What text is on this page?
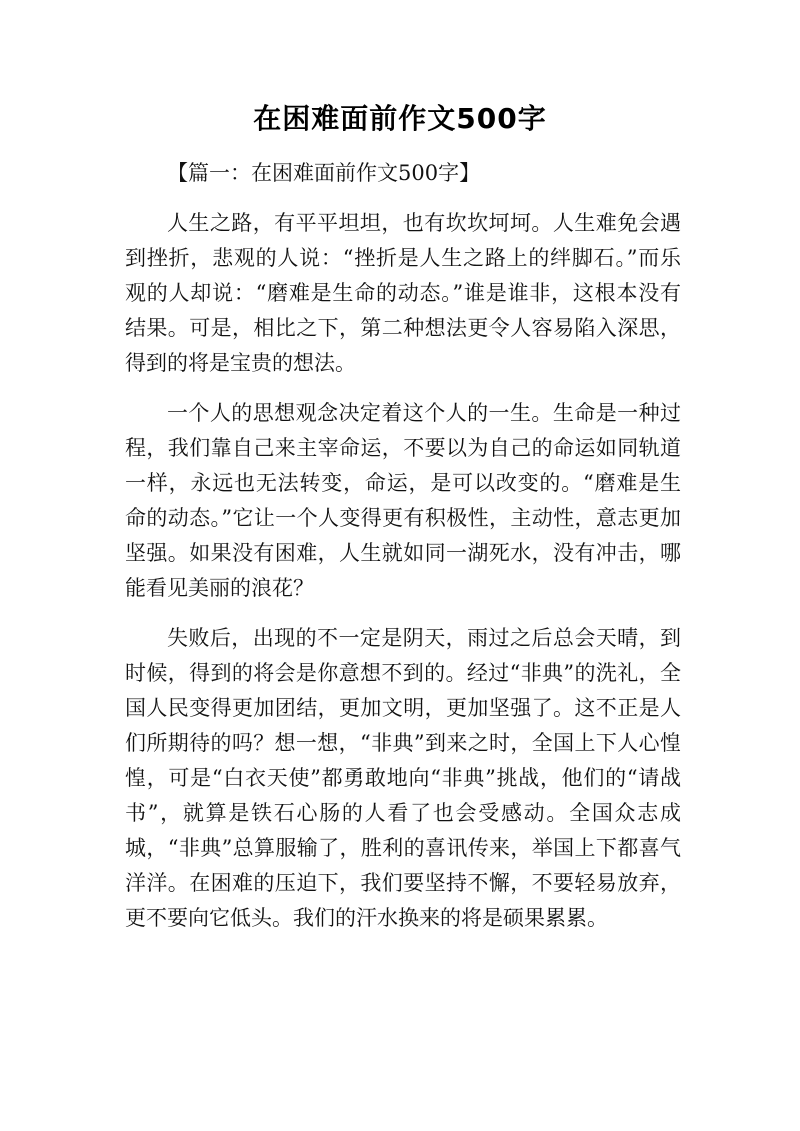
在困难面前作文500字

【篇一：在困难面前作文500字】

人生之路，有平平坦坦，也有坎坎坷坷。人生难免会遇到挫折，悲观的人说：“挫折是人生之路上的绊脚石。”而乐观的人却说：“磨难是生命的动态。”谁是谁非，这根本没有结果。可是，相比之下，第二种想法更令人容易陷入深思，得到的将是宝贵的想法。

一个人的思想观念决定着这个人的一生。生命是一种过程，我们靠自己来主宰命运，不要以为自己的命运如同轨道一样，永远也无法转变，命运，是可以改变的。“磨难是生命的动态。”它让一个人变得更有积极性，主动性，意志更加坚强。如果没有困难，人生就如同一湖死水，没有冲击，哪能看见美丽的浪花？

失败后，出现的不一定是阴天，雨过之后总会天晴，到时候，得到的将会是你意想不到的。经过“非典”的洗礼，全国人民变得更加团结，更加文明，更加坚强了。这不正是人们所期待的吗？想一想，“非典”到来之时，全国上下人心惶惶，可是“白衣天使”都勇敢地向“非典”挑战，他们的“请战书”，就算是铁石心肠的人看了也会受感动。全国众志成城，“非典”总算服输了，胜利的喜讯传来，举国上下都喜气洋洋。在困难的压迫下，我们要坚持不懈，不要轻易放弃，更不要向它低头。我们的汗水换来的将是硕果累累。
